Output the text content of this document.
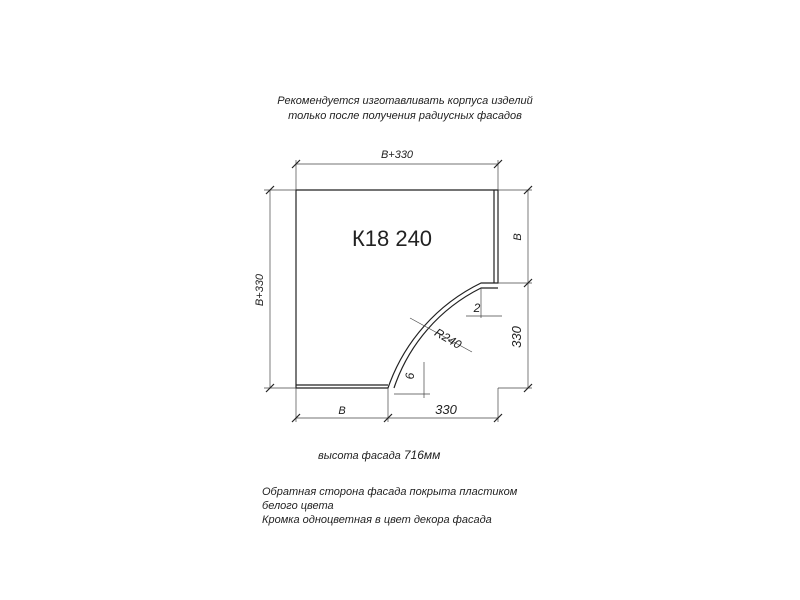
Рекомендуется изготавливать корпуса изделий
только после получения радиусных фасадов
В+330
В+330
В
330
В	330
R240
2
6
К18 240
высота фасада 716мм
Обратная сторона фасада покрыта пластиком
белого цвета
Кромка одноцветная в цвет декора фасада
